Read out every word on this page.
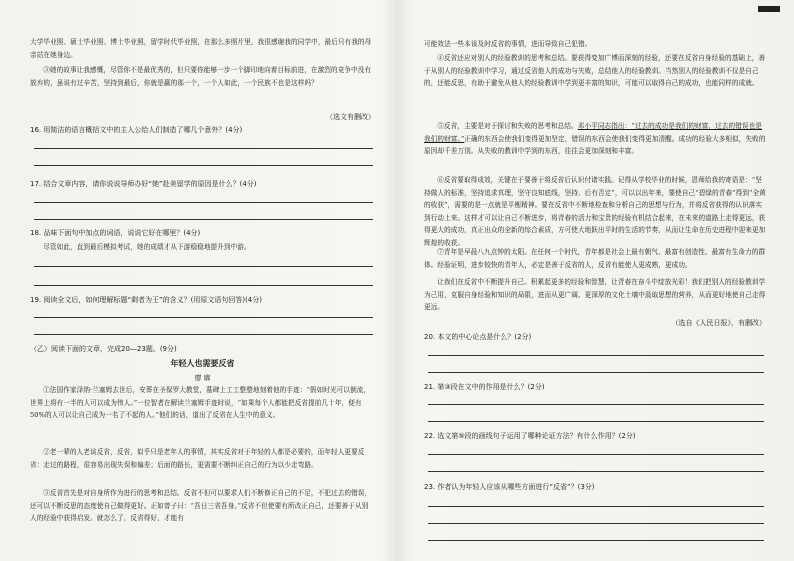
大学毕业照、硕士毕业照、博士毕业照，留学时代毕业照，在那么多照片里，我很感谢我的同学中，最后只有我的母亲站在她身边。

③她的故事让我感慨，尽管你不是最优秀的，但只要你能够一步一个脚印地向着目标前进，在激烈的竞争中没有放弃的，虽说有过辛苦，坚持到最后，你就是赢的那一个，一个人如此，一个民族不也是这样吗？

（选文有删改）
16. 用简洁的语言概括文中的主人公给人们制造了哪几个意外？(4分)
17. 结合文章内容，请你说说导师办好“她”赴美留学的原因是什么？(4分)
18. 品味下面句中加点的词语，说说它好在哪里？(4分)
尽管如此，直到最后模拟考试，她的成绩才从下游稳稳地提升到中游。
19. 阅读全文后，如何理解标题“剩者为王”的含义？(用原文语句回答)(4分)
（乙）阅读下面的文章，完成20—23题。(9分)
年轻人也需要反省
廖 廓

①法国作家泽纳·兰塞姆去世后，安葬在圣保罗大教堂，墓碑上工工整整地刻着他的手迹：“假如时光可以倒流，世界上将有一半的人可以成为伟人。”一位智者在解读兰塞姆手迹时说，“如果每个人都能把反省提前几十年，便有50%的人可以让自己成为一名了不起的人。”他们的话，道出了反省在人生中的意义。

②老一辈的人老谈反省，反省，似乎只是老年人的事情，其实反省对于年轻的人都是必要的，而年轻人更要反省：走过的路程，很容易出现失误和偏差；后面的路长，更需要不断纠正自己的行为以少走弯路。

③反省首先是对自身所作为进行的思考和总结。反省不但可以要求人们不断修正自己的不足，不犯过去的错误，还可以不断反思的态度使自己做得更好。正如曾子曰：“吾日三省吾身。”反省不但使要有所改正自己，还要善于从别人的经验中获得启发。就怎么了，反省得好，才能有

可能效法一些本该及时反省的事情，进而导致自己犯错。

④反省还应对别人的经验教训的思考和总结。要获得变加广博而深刻的经验，还要在反省自身经验的基础上，善于从别人的经验教训中学习，通过反省他人的成功与失败，总结他人的经验教训。当然别人的经验教训不仅是自己的，还能反思，有助于避免从他人的经验教训中学到更丰富的知识，可能可以取得自己的成功，也能同样的成就。

⑤反省，主要是对于探讨和失败的思考和总结。邓小平同志指出：“过去的成功是我们的财富，过去的错误也是我们的财富。”正确的东西会使我们变得更加坚定，错误的东西会使我们变得更加清醒。成功的经验大多相似，失败的原因却千差万别。从失败的教训中学到的东西，往往会更加深刻和丰富。

⑥反省要取得成效，关键在于要善于将反省后认识付诸实践。记得从学校毕业的时候，恩师给我的寄语是：“坚持做人的标准，坚持追求真理，坚守良知底线，坚持、后有否定”，可以以出年来，要使自己“碧绿的青春”得到“全黄的收获”，需要的是一点就是平衡精神。要在反省中不断地检查和分析自己的思想与行为，并将反省获得的认识落实到行动上来。这样才可以让自己不断进步，将青春的活力和宝贵的经验有机结合起来，在未来的道路上走得更远，获得更大的成功，真正出众的全新的综合素质，方可使大地跃出平时的生活的节奏，从而让生命在历史进程中迎来更加辉煌的收获。

⑦青年是早晨八九点钟的太阳。在任何一个时代，青年都是社会上最有朝气、最富有创造性、最富有生命力的群体。经验证明，进步较快的青年人，必定是善于反省的人，反省有能使人更成熟，更成功。

让我们在反省中不断提升自己。积累起更多的经验和智慧，让青春在奋斗中绽放光彩！我们把别人的经验教训学为己用，克服自身经验和知识的局限，进而从更广阔、更深厚的文化土壤中汲取思想的营养，从而更好地使自己走得更远。

（选自《人民日报》，有删改）
20. 本文的中心论点是什么？(2分)
21. 第③段在文中的作用是什么？(2分)
22. 选文第⑤段的画线句子运用了哪种论证方法？有什么作用？(2分)
23. 作者认为年轻人应该从哪些方面进行“反省”？(3分)
